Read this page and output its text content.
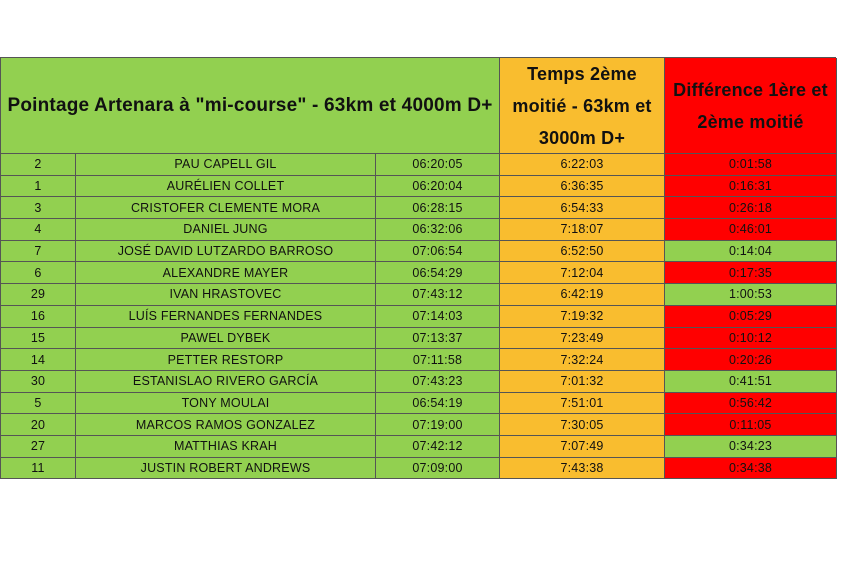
Pointage Artenara à "mi-course" - 63km et 4000m D+
Temps 2ème moitié - 63km et 3000m D+
Différence 1ère et 2ème moitié
2	PAU CAPELL GIL	06:20:05	6:22:03	0:01:58
1	AURÉLIEN COLLET	06:20:04	6:36:35	0:16:31
3	CRISTOFER CLEMENTE MORA	06:28:15	6:54:33	0:26:18
4	DANIEL JUNG	06:32:06	7:18:07	0:46:01
7	JOSÉ DAVID LUTZARDO BARROSO	07:06:54	6:52:50	0:14:04
6	ALEXANDRE MAYER	06:54:29	7:12:04	0:17:35
29	IVAN HRASTOVEC	07:43:12	6:42:19	1:00:53
16	LUÍS FERNANDES FERNANDES	07:14:03	7:19:32	0:05:29
15	PAWEL DYBEK	07:13:37	7:23:49	0:10:12
14	PETTER RESTORP	07:11:58	7:32:24	0:20:26
30	ESTANISLAO RIVERO GARCÍA	07:43:23	7:01:32	0:41:51
5	TONY MOULAI	06:54:19	7:51:01	0:56:42
20	MARCOS RAMOS GONZALEZ	07:19:00	7:30:05	0:11:05
27	MATTHIAS KRAH	07:42:12	7:07:49	0:34:23
11	JUSTIN ROBERT ANDREWS	07:09:00	7:43:38	0:34:38
